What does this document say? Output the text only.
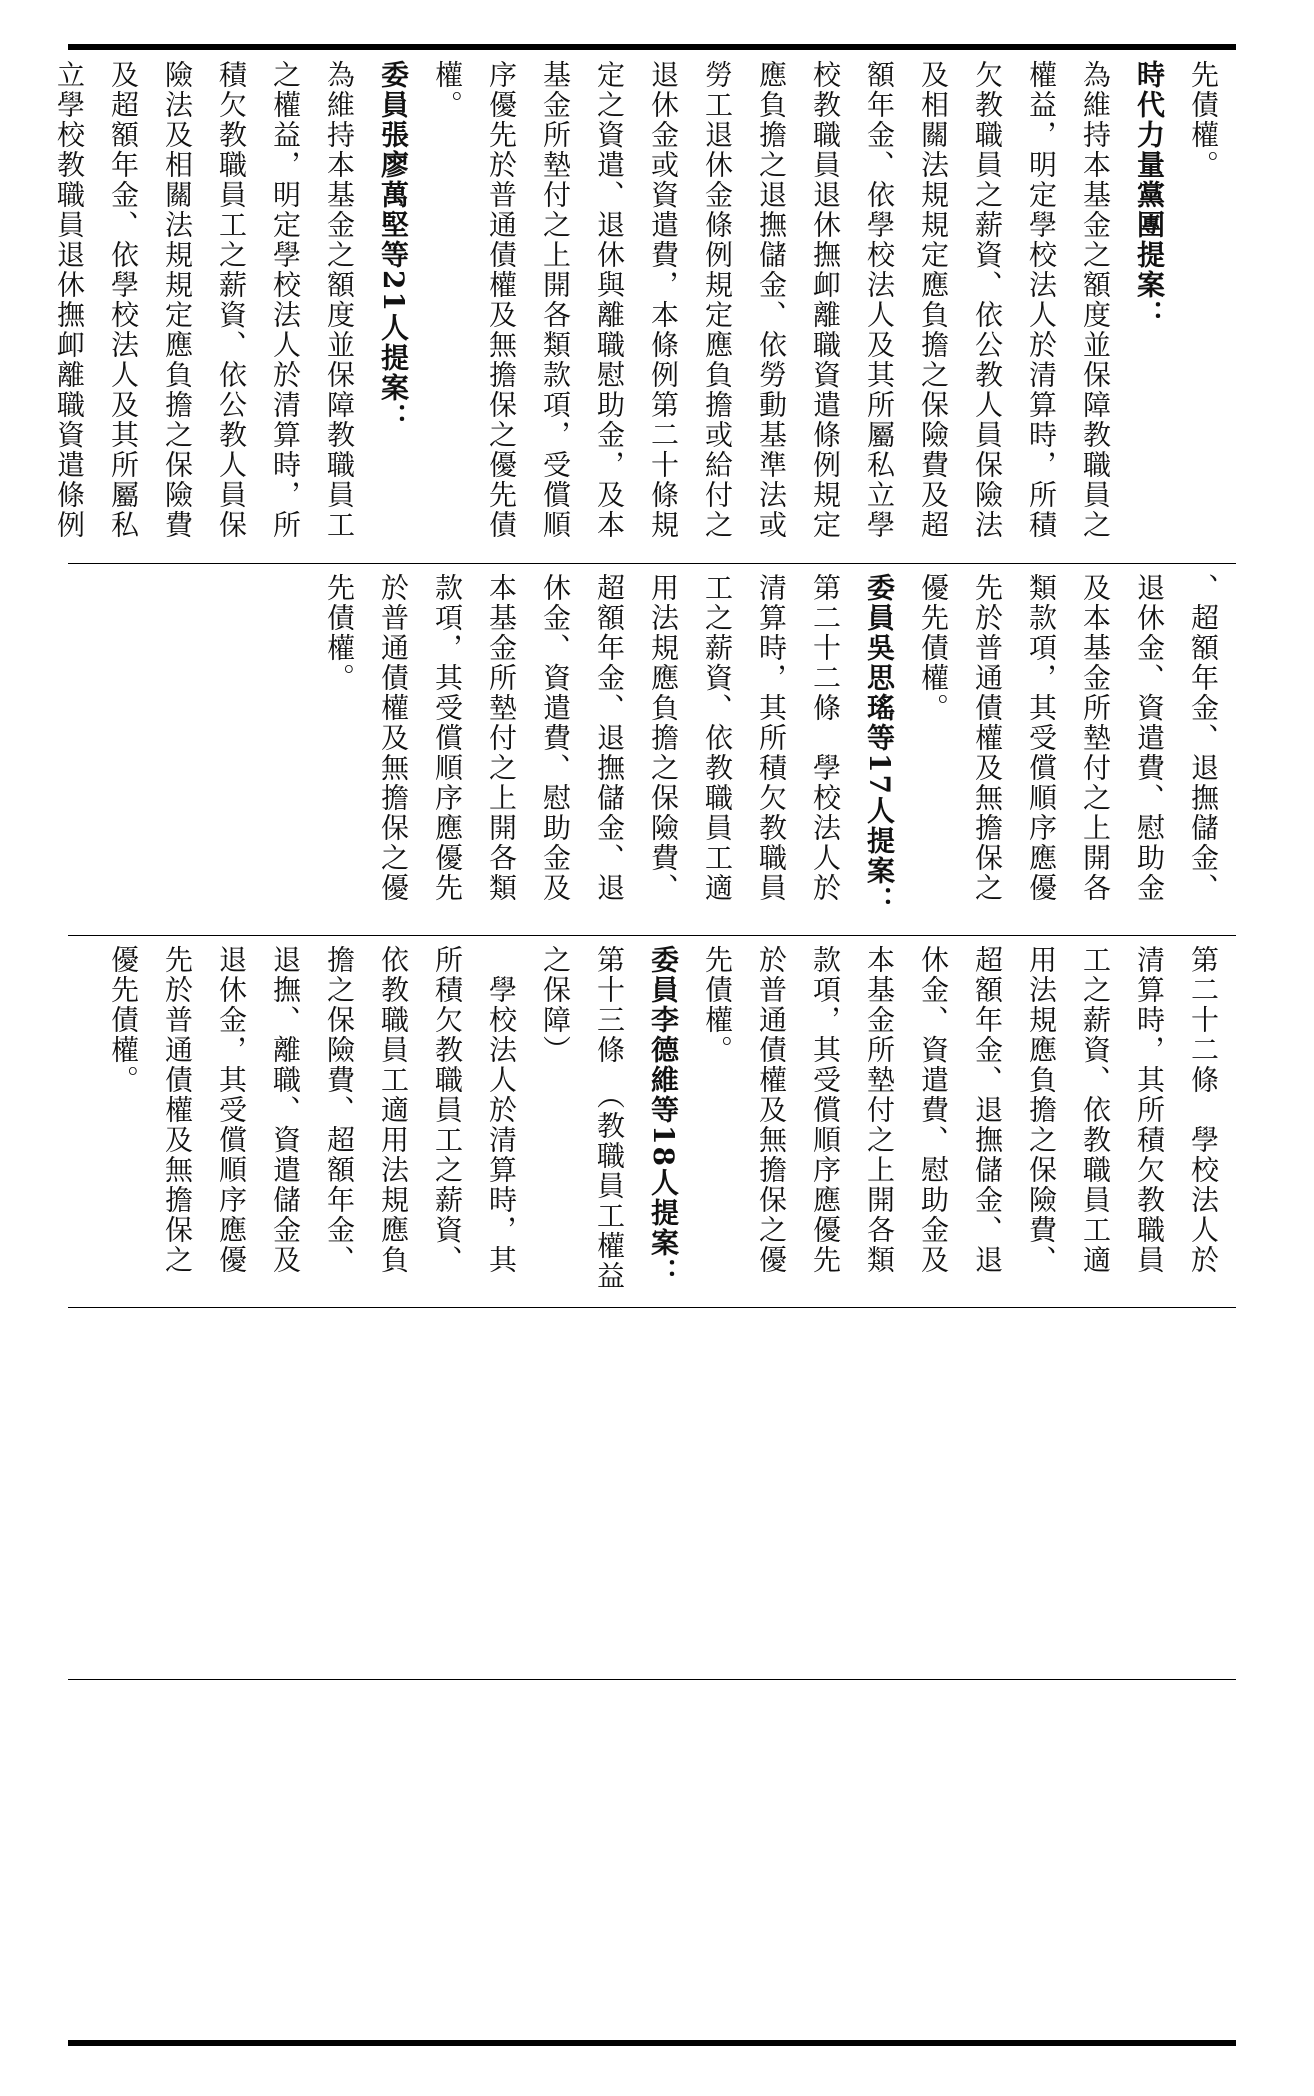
先債權。

時代力量黨團提案：

為維持本基金之額度並保障教職員之權益，明定學校法人於清算時，所積欠教職員之薪資、依公教人員保險法及相關法規規定應負擔之保險費及超額年金、依學校法人及其所屬私立學校教職員退休撫卹離職資遣條例規定應負擔之退撫儲金、依勞動基準法或勞工退休金條例規定應負擔或給付之退休金或資遣費，本條例第二十條規定之資遣、退休與離職慰助金，及本基金所墊付之上開各類款項，受償順序優先於普通債權及無擔保之優先債權。

委員張廖萬堅等21人提案：

為維持本基金之額度並保障教職員工之權益，明定學校法人於清算時，所積欠教職員工之薪資、依公教人員保險法及相關法規規定應負擔之保險費及超額年金、依學校法人及其所屬私立學校教職員退休撫卹離職資遣條例

、超額年金、退撫儲金、退休金、資遣費、慰助金及本基金所墊付之上開各類款項，其受償順序應優先於普通債權及無擔保之優先債權。

委員吳思瑤等17人提案：

第二十二條　學校法人於清算時，其所積欠教職員工之薪資、依教職員工適用法規應負擔之保險費、超額年金、退撫儲金、退休金、資遣費、慰助金及本基金所墊付之上開各類款項，其受償順序應優先於普通債權及無擔保之優先債權。

第二十二條　學校法人於清算時，其所積欠教職員工之薪資、依教職員工適用法規應負擔之保險費、超額年金、退撫儲金、退休金、資遣費、慰助金及本基金所墊付之上開各類款項，其受償順序應優先於普通債權及無擔保之優先債權。

委員李德維等18人提案：

第十三條　（教職員工權益之保障）

　學校法人於清算時，其所積欠教職員工之薪資、依教職員工適用法規應負擔之保險費、超額年金、退撫、離職、資遣儲金及退休金，其受償順序應優先於普通債權及無擔保之優先債權。
